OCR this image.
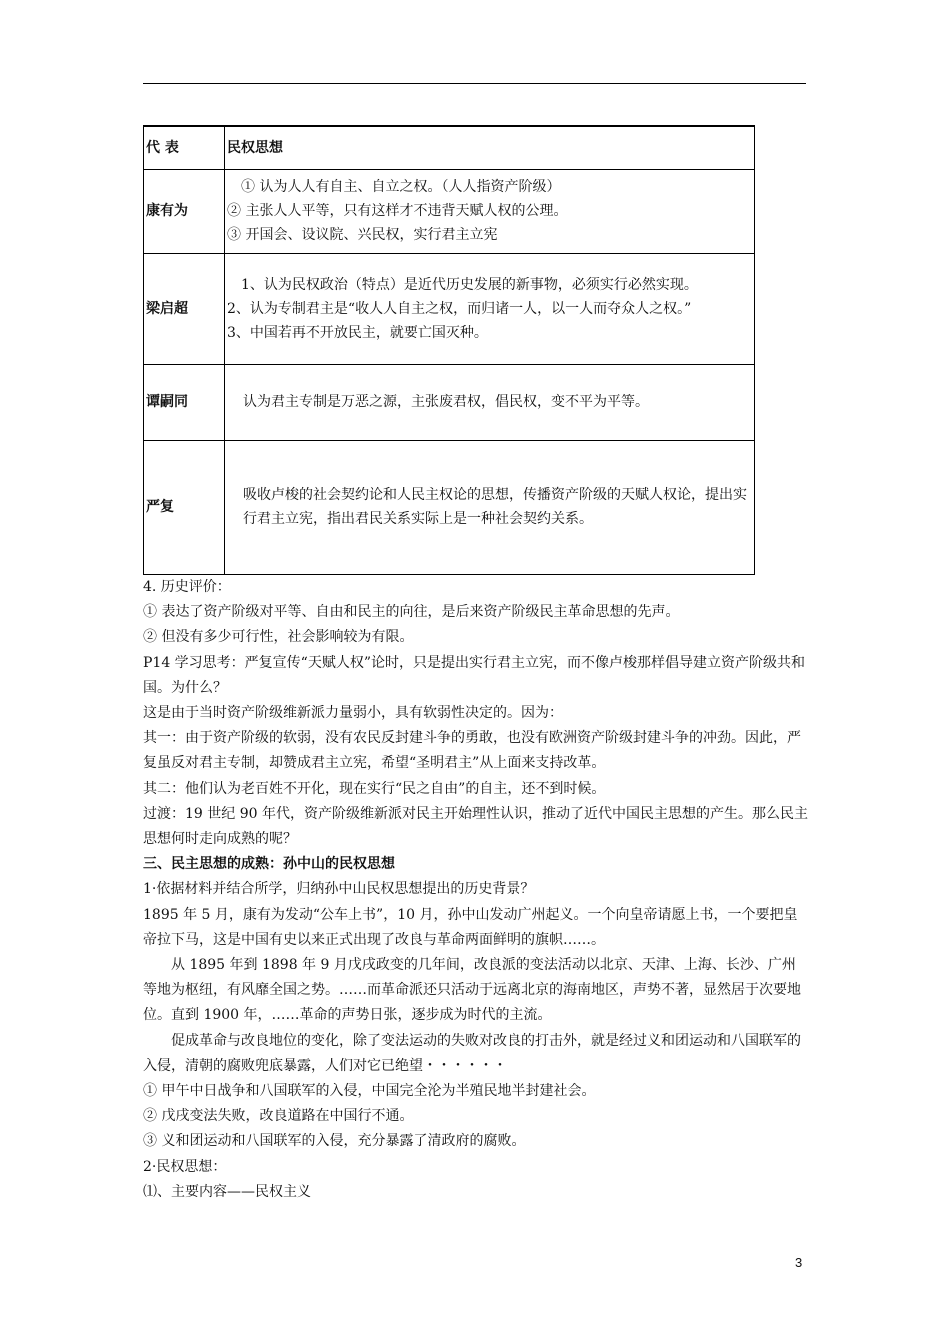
代 表	民权思想
康有为	① 认为人人有自主、自立之权。（人人指资产阶级）
② 主张人人平等，只有这样才不违背天赋人权的公理。
③ 开国会、设议院、兴民权，实行君主立宪

梁启超	1、认为民权政治（特点）是近代历史发展的新事物，必须实行必然实现。
2、认为专制君主是“收人人自主之权，而归诸一人，以一人而夺众人之权。”
3、中国若再不开放民主，就要亡国灭种。

谭嗣同	认为君主专制是万恶之源，主张废君权，倡民权，变不平为平等。

严复	吸收卢梭的社会契约论和人民主权论的思想，传播资产阶级的天赋人权论，提出实行君主立宪，指出君民关系实际上是一种社会契约关系。

4. 历史评价：

① 表达了资产阶级对平等、自由和民主的向往，是后来资产阶级民主革命思想的先声。

② 但没有多少可行性，社会影响较为有限。

P14 学习思考：严复宣传“天赋人权”论时，只是提出实行君主立宪，而不像卢梭那样倡导建立资产阶级共和国。为什么？

这是由于当时资产阶级维新派力量弱小，具有软弱性决定的。因为：

其一：由于资产阶级的软弱，没有农民反封建斗争的勇敢，也没有欧洲资产阶级封建斗争的冲劲。因此，严复虽反对君主专制，却赞成君主立宪，希望“圣明君主”从上面来支持改革。

其二：他们认为老百姓不开化，现在实行“民之自由”的自主，还不到时候。

过渡：19 世纪 90 年代，资产阶级维新派对民主开始理性认识，推动了近代中国民主思想的产生。那么民主思想何时走向成熟的呢？

三、民主思想的成熟：孙中山的民权思想

1·依据材料并结合所学，归纳孙中山民权思想提出的历史背景？

1895 年 5 月，康有为发动“公车上书”，10 月，孙中山发动广州起义。一个向皇帝请愿上书，一个要把皇帝拉下马，这是中国有史以来正式出现了改良与革命两面鲜明的旗帜……。

从 1895 年到 1898 年 9 月戊戌政变的几年间，改良派的变法活动以北京、天津、上海、长沙、广州等地为枢纽，有风靡全国之势。……而革命派还只活动于远离北京的海南地区，声势不著，显然居于次要地位。直到 1900 年，……革命的声势日张，逐步成为时代的主流。

促成革命与改良地位的变化，除了变法运动的失败对改良的打击外，就是经过义和团运动和八国联军的入侵，清朝的腐败兜底暴露，人们对它已绝望・・・・・・

① 甲午中日战争和八国联军的入侵，中国完全沦为半殖民地半封建社会。

② 戊戌变法失败，改良道路在中国行不通。

③ 义和团运动和八国联军的入侵，充分暴露了清政府的腐败。

2·民权思想：

⑴、主要内容——民权主义

3
